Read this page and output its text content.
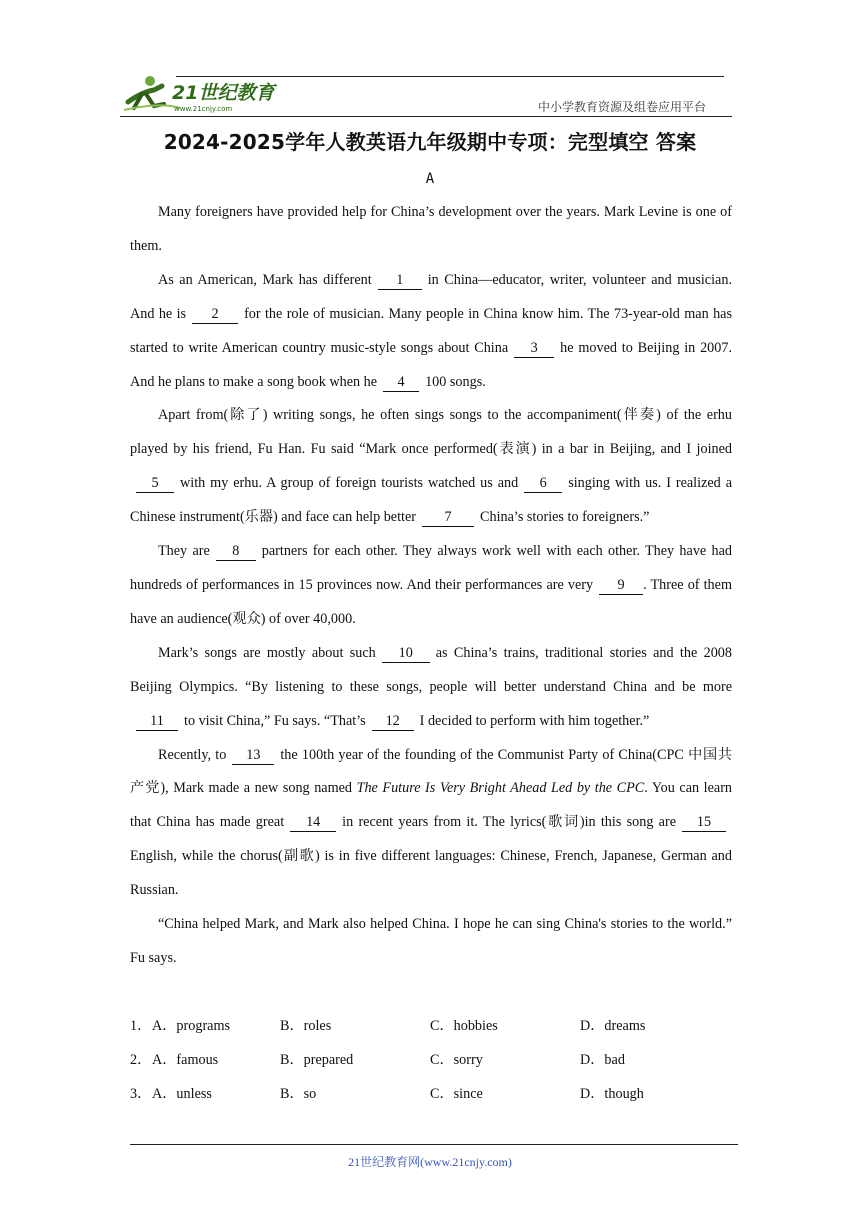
21世纪教育
www.21cnjy.com	中小学教育资源及组卷应用平台
2024-2025学年人教英语九年级期中专项：完型填空 答案
A

Many foreigners have provided help for China’s development over the years. Mark Levine is one of them.

As an American, Mark has different 1 in China—educator, writer, volunteer and musician. And he is 2 for the role of musician. Many people in China know him. The 73-year-old man has started to write American country music-style songs about China 3 he moved to Beijing in 2007. And he plans to make a song book when he 4 100 songs.

Apart from(除了) writing songs, he often sings songs to the accompaniment(伴奏) of the erhu played by his friend, Fu Han. Fu said “Mark once performed(表演) in a bar in Beijing, and I joined5 with my erhu. A group of foreign tourists watched us and 6 singing with us. I realized a Chinese instrument(乐器) and face can help better 7 China’s stories to foreigners.”

They are 8 partners for each other. They always work well with each other. They have had hundreds of performances in 15 provinces now. And their performances are very 9 . Three of them have an audience(观众) of over 40,000.

Mark’s songs are mostly about such 10 as China’s trains, traditional stories and the 2008 Beijing Olympics. “By listening to these songs, people will better understand China and be more11 to visit China,” Fu says. “That’s 12 I decided to perform with him together.”

Recently, to 13 the 100th year of the founding of the Communist Party of China(CPC 中国共产党), Mark made a new song named The Future Is Very Bright Ahead Led by the CPC. You can learn that China has made great 14 in recent years from it. The lyrics(歌词)in this song are 15English, while the chorus(副歌) is in five different languages: Chinese, French, Japanese, German and Russian.

“China helped Mark, and Mark also helped China. I hope he can sing China's stories to the world.” Fu says.

1． A．programs	B．roles	C．hobbies	D．dreams
2． A．famous	B．prepared	C．sorry	D．bad
3． A．unless	B．so	C．since	D．though
21世纪教育网(www.21cnjy.com)
